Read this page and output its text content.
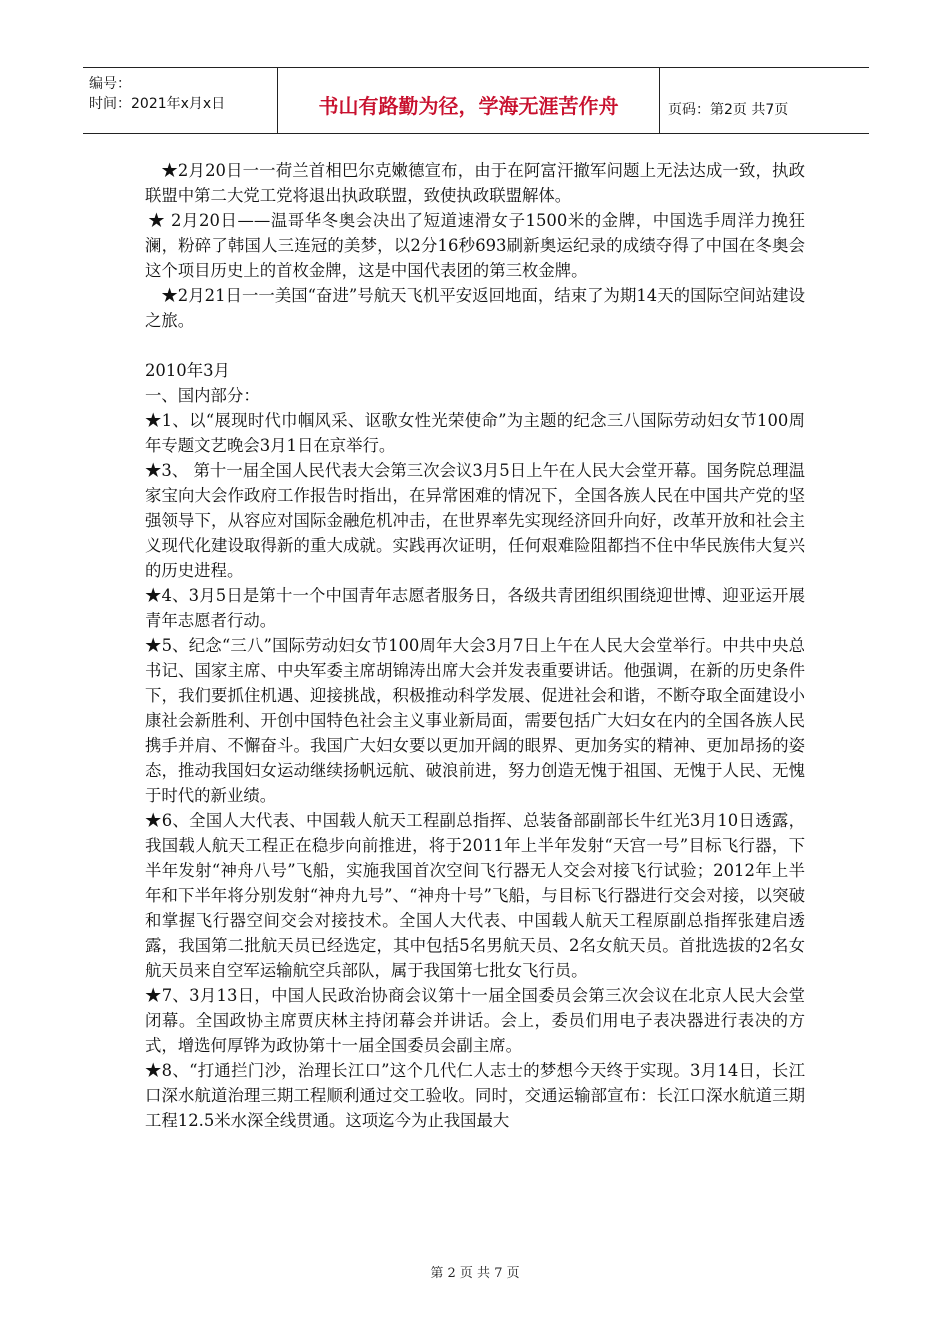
编号：
时间：2021年x月x日	书山有路勤为径，学海无涯苦作舟	页码：第2页 共7页

★2月20日一一荷兰首相巴尔克嫩德宣布，由于在阿富汗撤军问题上无法达成一致，执政联盟中第二大党工党将退出执政联盟，致使执政联盟解体。

★ 2月20日——温哥华冬奥会决出了短道速滑女子1500米的金牌，中国选手周洋力挽狂澜，粉碎了韩国人三连冠的美梦，以2分16秒693刷新奥运纪录的成绩夺得了中国在冬奥会这个项目历史上的首枚金牌，这是中国代表团的第三枚金牌。

★2月21日一一美国“奋进”号航天飞机平安返回地面，结束了为期14天的国际空间站建设之旅。

2010年3月

一、国内部分：

★1、以“展现时代巾帼风采、讴歌女性光荣使命”为主题的纪念三八国际劳动妇女节100周年专题文艺晚会3月1日在京举行。

★3、 第十一届全国人民代表大会第三次会议3月5日上午在人民大会堂开幕。国务院总理温家宝向大会作政府工作报告时指出，在异常困难的情况下，全国各族人民在中国共产党的坚强领导下，从容应对国际金融危机冲击，在世界率先实现经济回升向好，改革开放和社会主义现代化建设取得新的重大成就。实践再次证明，任何艰难险阻都挡不住中华民族伟大复兴的历史进程。

★4、3月5日是第十一个中国青年志愿者服务日，各级共青团组织围绕迎世博、迎亚运开展青年志愿者行动。

★5、纪念“三八”国际劳动妇女节100周年大会3月7日上午在人民大会堂举行。中共中央总书记、国家主席、中央军委主席胡锦涛出席大会并发表重要讲话。他强调，在新的历史条件下，我们要抓住机遇、迎接挑战，积极推动科学发展、促进社会和谐，不断夺取全面建设小康社会新胜利、开创中国特色社会主义事业新局面，需要包括广大妇女在内的全国各族人民携手并肩、不懈奋斗。我国广大妇女要以更加开阔的眼界、更加务实的精神、更加昂扬的姿态，推动我国妇女运动继续扬帆远航、破浪前进，努力创造无愧于祖国、无愧于人民、无愧于时代的新业绩。

★6、全国人大代表、中国载人航天工程副总指挥、总装备部副部长牛红光3月10日透露，我国载人航天工程正在稳步向前推进，将于2011年上半年发射“天宫一号”目标飞行器，下半年发射“神舟八号”飞船，实施我国首次空间飞行器无人交会对接飞行试验；2012年上半年和下半年将分别发射“神舟九号”、“神舟十号”飞船，与目标飞行器进行交会对接，以突破和掌握飞行器空间交会对接技术。全国人大代表、中国载人航天工程原副总指挥张建启透露，我国第二批航天员已经选定，其中包括5名男航天员、2名女航天员。首批选拔的2名女航天员来自空军运输航空兵部队，属于我国第七批女飞行员。

★7、3月13日，中国人民政治协商会议第十一届全国委员会第三次会议在北京人民大会堂闭幕。全国政协主席贾庆林主持闭幕会并讲话。会上，委员们用电子表决器进行表决的方式，增选何厚铧为政协第十一届全国委员会副主席。

★8、“打通拦门沙，治理长江口”这个几代仁人志士的梦想今天终于实现。3月14日，长江口深水航道治理三期工程顺利通过交工验收。同时，交通运输部宣布：长江口深水航道三期工程12.5米水深全线贯通。这项迄今为止我国最大

第 2 页 共 7 页
